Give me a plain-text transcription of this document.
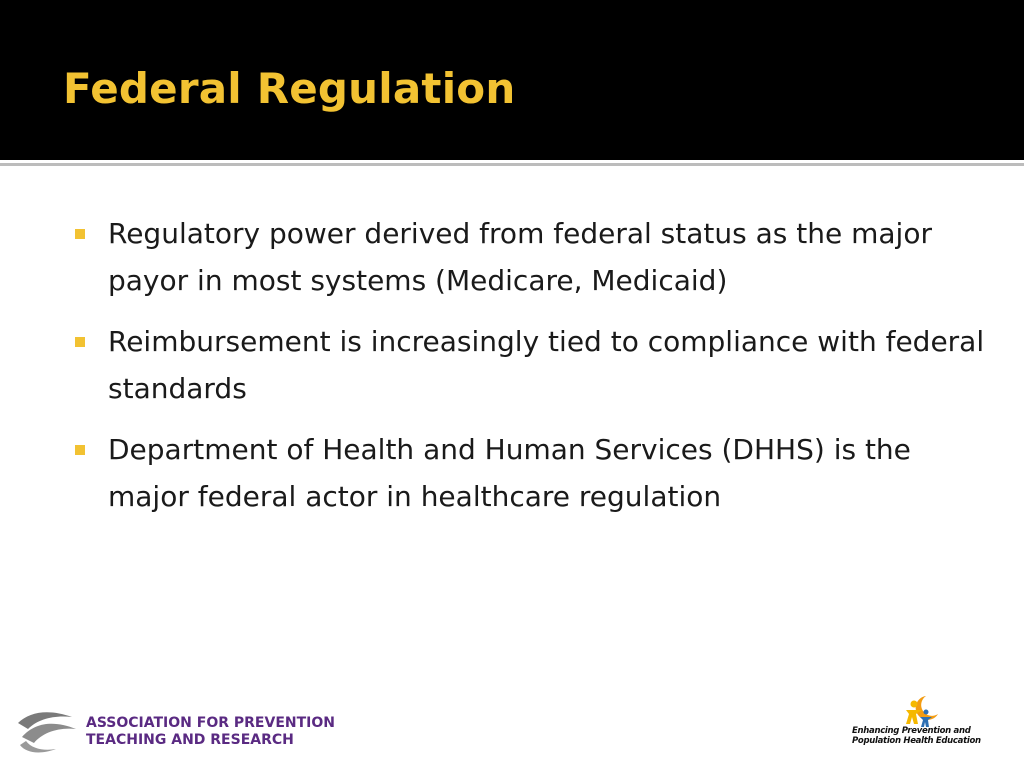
Federal Regulation
Regulatory power derived from federal status as the major payor in most systems (Medicare, Medicaid)
Reimbursement is increasingly tied to compliance with federal standards
Department of Health and Human Services (DHHS) is the major federal actor in healthcare regulation
ASSOCIATION FOR PREVENTION
TEACHING AND RESEARCH
Enhancing Prevention and
Population Health Education
